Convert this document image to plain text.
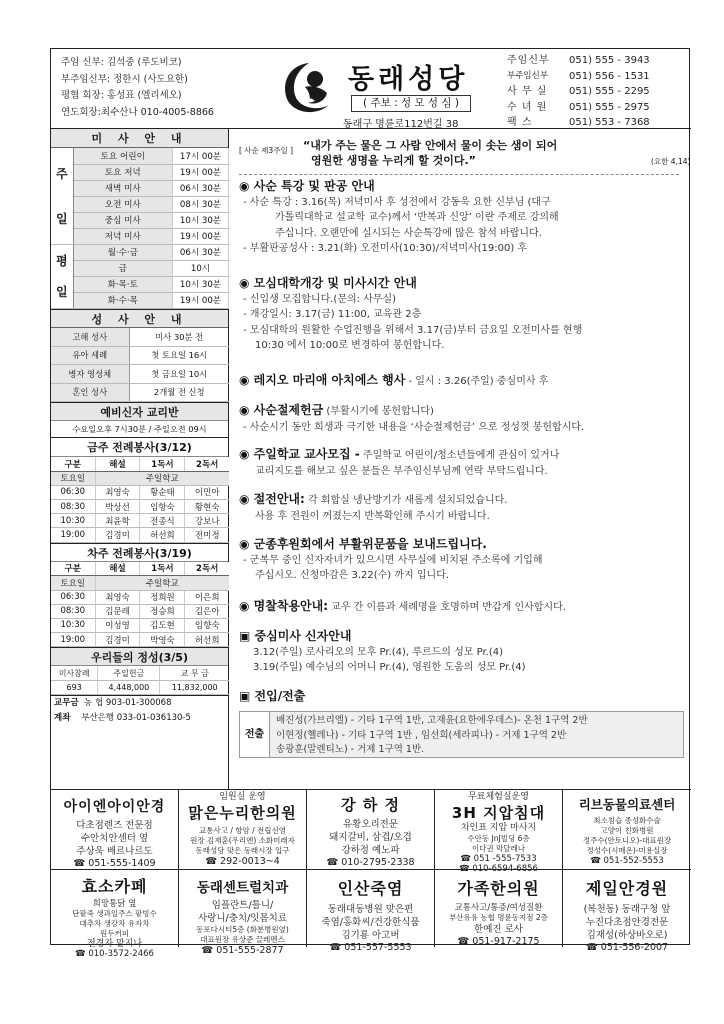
주임 신부: 김석중 (루도비코)
부주임신부: 정한시 (사도요한)
평협 회장: 홍성표 (엘리세오)
연도회장:최수산나 010-4005-8866
동래성당
( 주보 : 성 모 성 심 )
동래구 명륜로112번길 38
주임신부	051) 555 - 3943
부주임신부	051) 556 - 1531
사 무 실	051) 555 - 2295
수 녀 원	051) 555 - 2975
팩 스	051) 553 - 7368
미 사 안 내
주

일	토요 어린이	17시 00분
	토요 저녁	19시 00분
	새벽 미사	06시 30분
	오전 미사	08시 30분
	중심 미사	10시 30분
	저녁 미사	19시 00분
평

일	월·수·금	06시 30분
	금	10시
	화·목·토	10시 30분
	화·수·목	19시 00분
성 사 안 내
고해 성사	미사 30분 전
유아 세례	첫 토요일 16시
병자 영성체	첫 금요일 10시
혼인 성사	2개월 전 신청
예비신자 교리반
수요일오후 7시30분 / 주일오전 09시
금주 전례봉사(3/12)
구분	해설	1독서	2독서
토요일	주일학교		
06:30	최영숙	황순태	이민아
08:30	박상선	임항숙	황현숙
10:30	최윤학	전종식	강보나
19:00	김경미	허선희	전미정
차주 전례봉사(3/19)
구분	해설	1독서	2독서
토요일	주일학교		
06:30	최영숙	정희원	이은희
08:30	김문레	정승희	김은아
10:30	이성영	김도현	임향숙
19:00	김경미	박영숙	허선희
우리들의 정성(3/5)
미사참례	주일헌금	교 무 금
693	4,448,000	11,832,000
교무금 농 협 903-01-300068
계좌 부산은행 033-01-036130-5
[ 사순 제3주일 ] “내가 주는 물은 그 사람 안에서 물이 솟는 샘이 되어
영원한 생명을 누리게 할 것이다.”	(요한 4,14)
◉ 사순 특강 및 판공 안내
- 사순 특강 : 3.16(목) 저녁미사 후 성전에서 강동욱 요한 신부님 (대구
가톨릭대학교 설교학 교수)께서 ‘반복과 신앙’ 이란 주제로 강의해
주십니다. 오랜만에 실시되는 사순특강에 많은 참석 바랍니다.
- 부활판공성사 : 3.21(화) 오전미사(10:30)/저녁미사(19:00) 후
◉ 모심대학개강 및 미사시간 안내
- 신입생 모집합니다.(문의: 사무실)
- 개강일시: 3.17(금) 11:00, 교육관 2층
- 모심대학의 원활한 수업진행을 위해서 3.17(금)부터 금요일 오전미사를 현행
10:30 에서 10:00로 변경하여 봉헌합니다.
◉ 레지오 마리애 아치에스 행사 - 일시 : 3.26(주일) 중심미사 후
◉ 사순절제헌금 (부활시기에 봉헌합니다)
- 사순시기 동안 희생과 극기한 내용을 ‘사순절제헌금’ 으로 정성껏 봉헌합시다.
◉ 주일학교 교사모집 - 주일학교 어린이/청소년들에게 관심이 있거나
교리지도를 해보고 싶은 분들은 부주임신부님께 연락 부탁드립니다.
◉ 절전안내: 각 회합실 냉난방기가 새롭게 설치되었습니다.
사용 후 전원이 꺼졌는지 반복확인해 주시기 바랍니다.
◉ 군종후원회에서 부활위문품을 보내드립니다.
- 군복무 중인 신자자녀가 있으시면 사무실에 비치된 주소록에 기입해
주십시오. 신청마감은 3.22(수) 까지 입니다.
◉ 명찰착용안내: 교우 간 이름과 세례명을 호명하며 반갑게 인사합시다.
▣ 중심미사 신자안내
3.12(주일) 로사리오의 모후 Pr.(4), 루르드의 성모 Pr.(4)
3.19(주일) 예수님의 어머니 Pr.(4), 영원한 도움의 성모 Pr.(4)
▣ 전입/전출
전출
배진성(가브리엘) - 기타 1구역 1반, 고재윤(요한에우데스)- 온천 1구역 2반
이현정(헬레나) - 기타 1구역 1반 , 임선희(세라피나) - 거제 1구역 2반
송광훈(말렌티노) - 거제 1구역 1반.
아이엔아이안경
다초점렌즈 전문점
수안치안센터 옆
주상욱 베르나르도
☎ 051-555-1409
임원실 운영
맑은누리한의원
교통사고 / 항암 / 전립선염
원장 김재훈(우리엔) 소화미래자
동래성당 맞은 동래시장 입구
☎ 292-0013~4
강 하 정
유황오리전문
돼지갈비, 삼겹/오겹
강하정 예노파
☎ 010-2795-2338
무료체험실운영
3H 지압침대
차인표 지압 마사지
수안동 JnJ빌딩 6층
이다권 막달레나
☎ 051 -555-7533
☎ 010-6594-6856
리브동물의료센터
최소침습 종성화수술
고양이 친화병원
정주수(안토니오)-대표원장
정성수(시메온)-미용실장
☎ 051-552-5553
효소카페
희망통닭 옆
단팥죽 생과일주스 팥빙수
대추차 생강차 유자차
원두커피
전경자 말지나
☎ 010-3572-2466
동래센트럴치과
임플란트/틀니/
사랑니/충치/잇몸치료
동포다시티5층 (화분병원옆)
대표원장 유상준 끌레멘스
☎ 051-555-2877
인산죽염
동래대동병원 맞은편
죽염/홍화씨/건강한식품
김기룡 아고버
☎ 051-557-5553
가족한의원
교통사고/통증/여성질환
부산유유 농협 명륜동지점 2층
한예진 로사
☎ 051-917-2175
제일안경원
(복천동) 동래구청 앞
누진다초점안경전문
김재성(하상바오로)
☎ 051-556-2007
